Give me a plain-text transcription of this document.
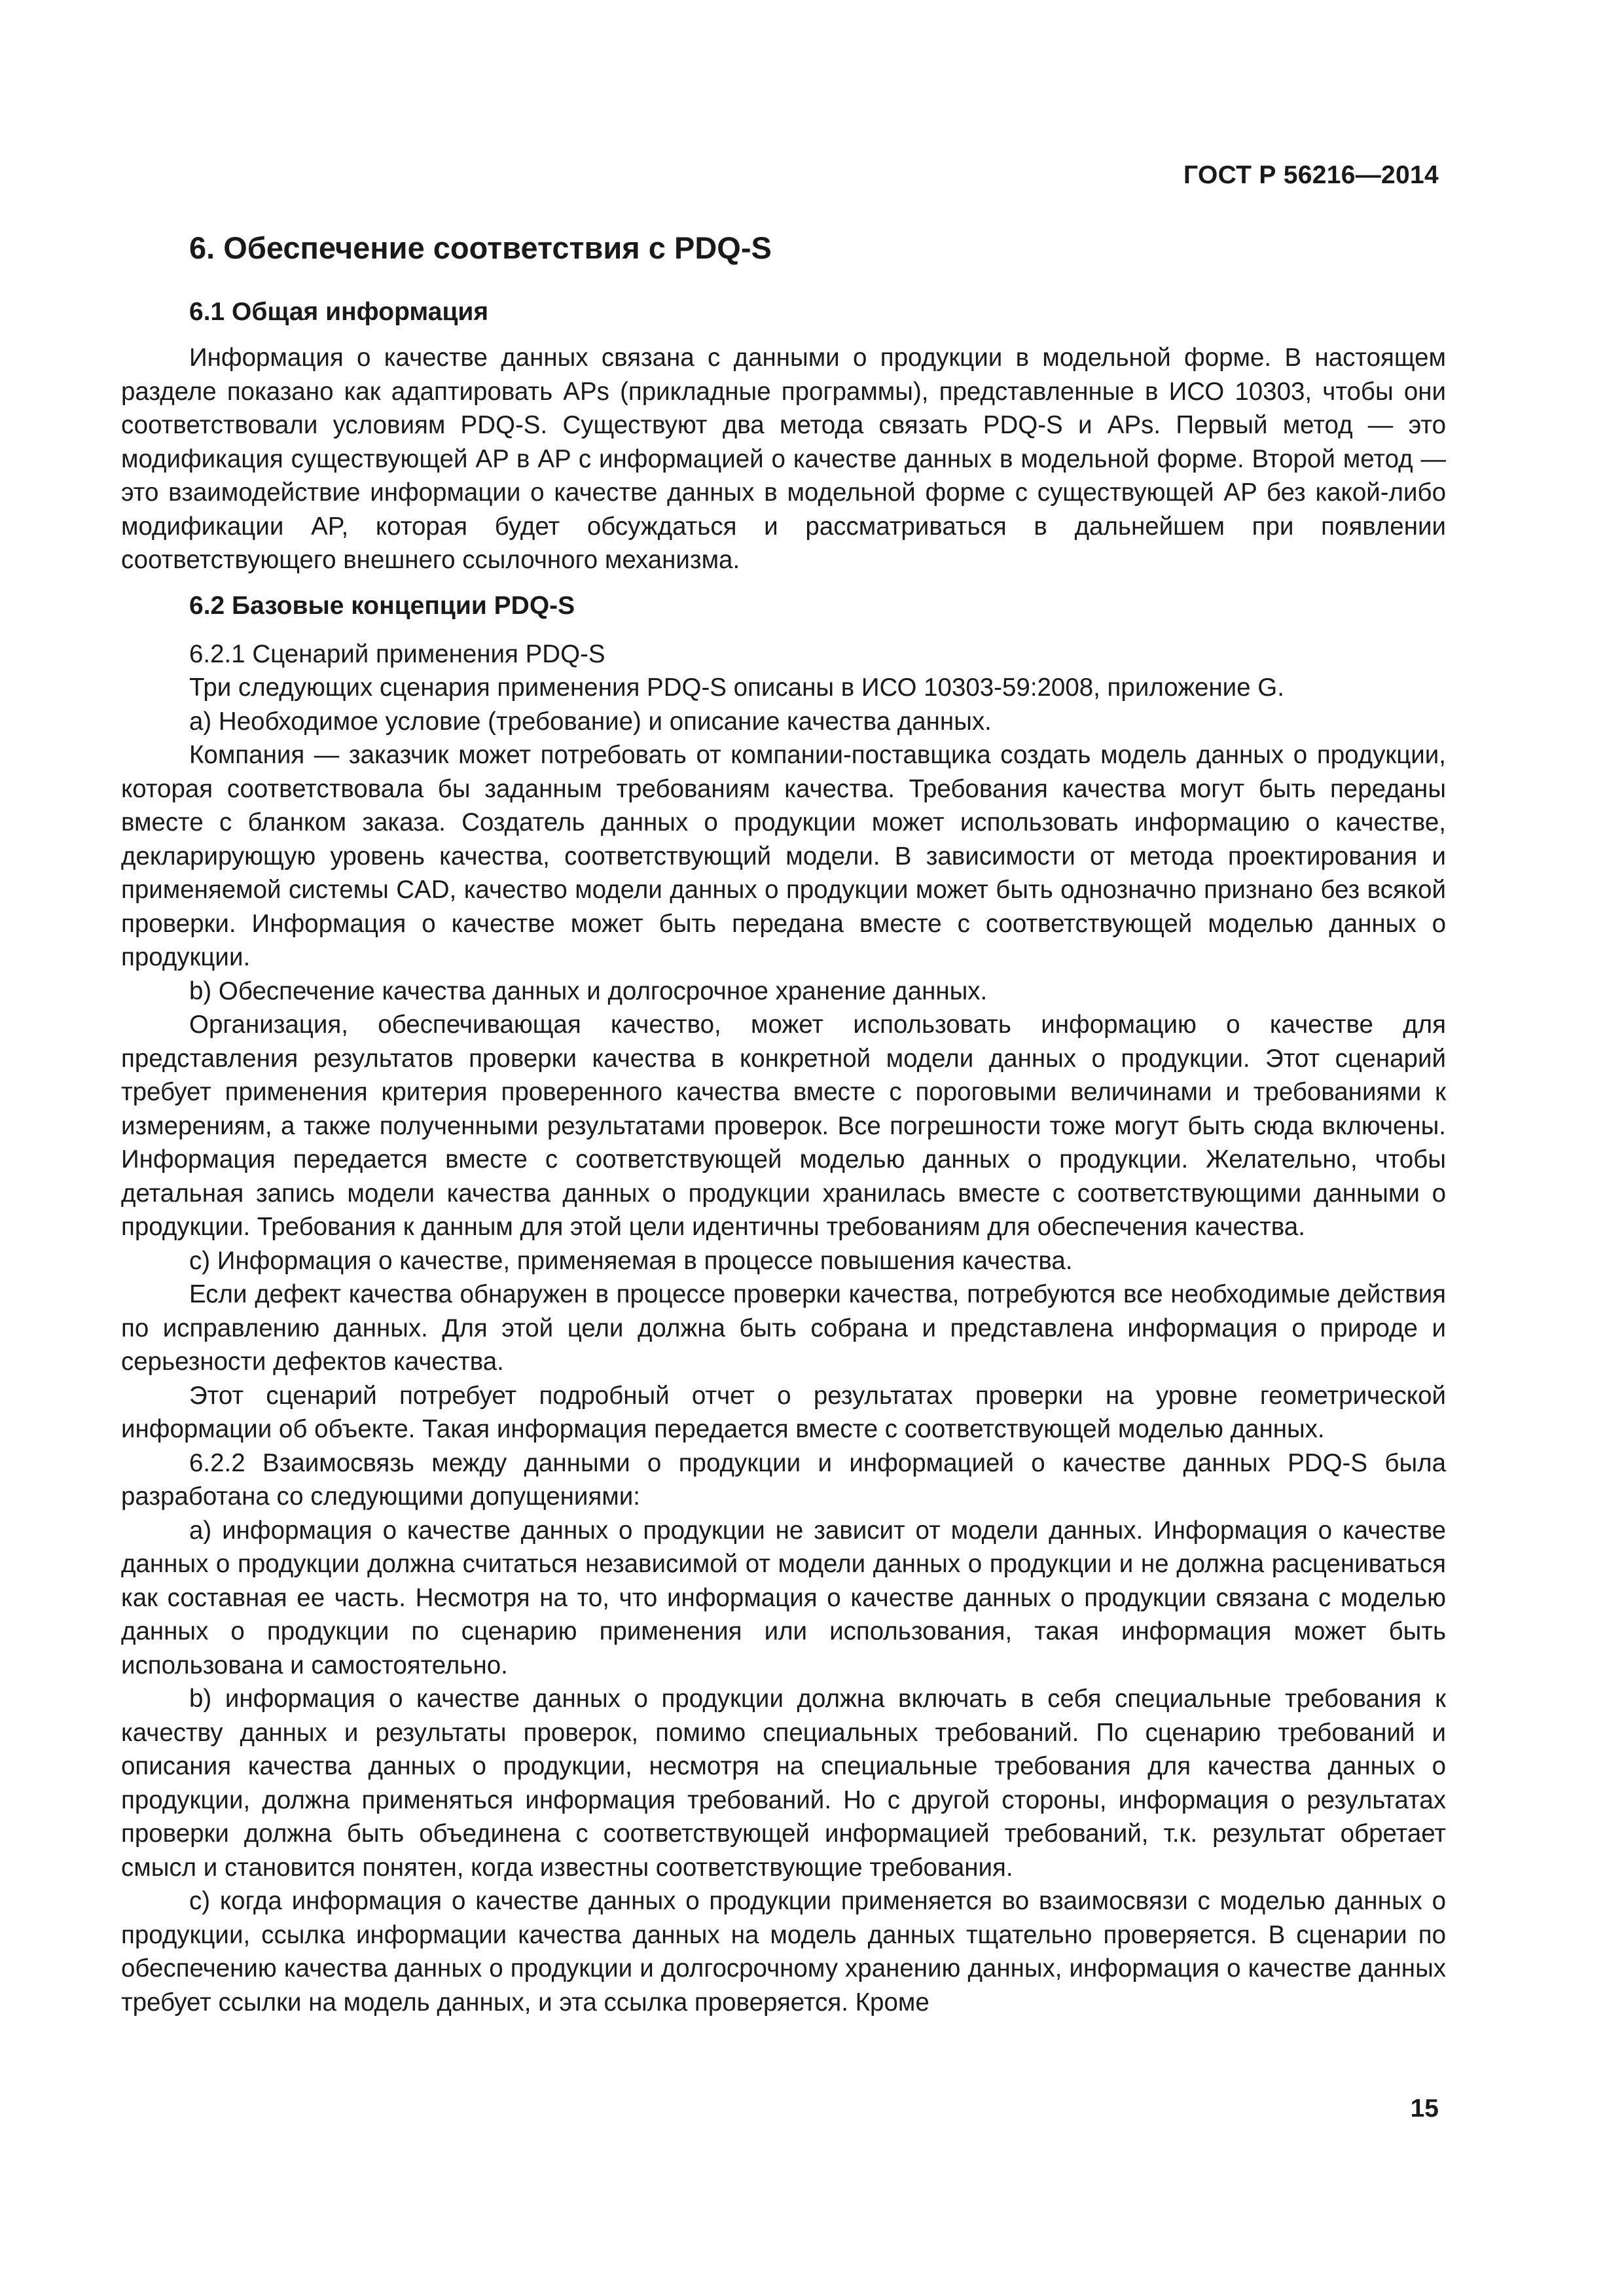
ГОСТ Р 56216—2014
6. Обеспечение соответствия с PDQ-S
6.1 Общая информация

Информация о качестве данных связана с данными о продукции в модельной форме. В настоящем разделе показано как адаптировать APs (прикладные программы), представленные в ИСО 10303, чтобы они соответствовали условиям PDQ-S. Существуют два метода связать PDQ-S и APs. Первый метод — это модификация существующей AP в AP с информацией о качестве данных в модельной форме. Второй метод — это взаимодействие информации о качестве данных в модельной форме с существующей AP без какой-либо модификации AP, которая будет обсуждаться и рассматриваться в дальнейшем при появлении соответствующего внешнего ссылочного механизма.

6.2 Базовые концепции PDQ-S

6.2.1 Сценарий применения PDQ-S

Три следующих сценария применения PDQ-S описаны в ИСО 10303-59:2008, приложение G.

a) Необходимое условие (требование) и описание качества данных.

Компания — заказчик может потребовать от компании-поставщика создать модель данных о продукции, которая соответствовала бы заданным требованиям качества. Требования качества могут быть переданы вместе с бланком заказа. Создатель данных о продукции может использовать информацию о качестве, декларирующую уровень качества, соответствующий модели. В зависимости от метода проектирования и применяемой системы CAD, качество модели данных о продукции может быть однозначно признано без всякой проверки. Информация о качестве может быть передана вместе с соответствующей моделью данных о продукции.

b) Обеспечение качества данных и долгосрочное хранение данных.

Организация, обеспечивающая качество, может использовать информацию о качестве для представления результатов проверки качества в конкретной модели данных о продукции. Этот сценарий требует применения критерия проверенного качества вместе с пороговыми величинами и требованиями к измерениям, а также полученными результатами проверок. Все погрешности тоже могут быть сюда включены. Информация передается вместе с соответствующей моделью данных о продукции. Желательно, чтобы детальная запись модели качества данных о продукции хранилась вместе с соответствующими данными о продукции. Требования к данным для этой цели идентичны требованиям для обеспечения качества.

c) Информация о качестве, применяемая в процессе повышения качества.

Если дефект качества обнаружен в процессе проверки качества, потребуются все необходимые действия по исправлению данных. Для этой цели должна быть собрана и представлена информация о природе и серьезности дефектов качества.

Этот сценарий потребует подробный отчет о результатах проверки на уровне геометрической информации об объекте. Такая информация передается вместе с соответствующей моделью данных.

6.2.2 Взаимосвязь между данными о продукции и информацией о качестве данных PDQ-S была разработана со следующими допущениями:

a) информация о качестве данных о продукции не зависит от модели данных. Информация о качестве данных о продукции должна считаться независимой от модели данных о продукции и не должна расцениваться как составная ее часть. Несмотря на то, что информация о качестве данных о продукции связана с моделью данных о продукции по сценарию применения или использования, такая информация может быть использована и самостоятельно.

b) информация о качестве данных о продукции должна включать в себя специальные требования к качеству данных и результаты проверок, помимо специальных требований. По сценарию требований и описания качества данных о продукции, несмотря на специальные требования для качества данных о продукции, должна применяться информация требований. Но с другой стороны, информация о результатах проверки должна быть объединена с соответствующей информацией требований, т.к. результат обретает смысл и становится понятен, когда известны соответствующие требования.

c) когда информация о качестве данных о продукции применяется во взаимосвязи с моделью данных о продукции, ссылка информации качества данных на модель данных тщательно проверяется. В сценарии по обеспечению качества данных о продукции и долгосрочному хранению данных, информация о качестве данных требует ссылки на модель данных, и эта ссылка проверяется. Кроме

15
